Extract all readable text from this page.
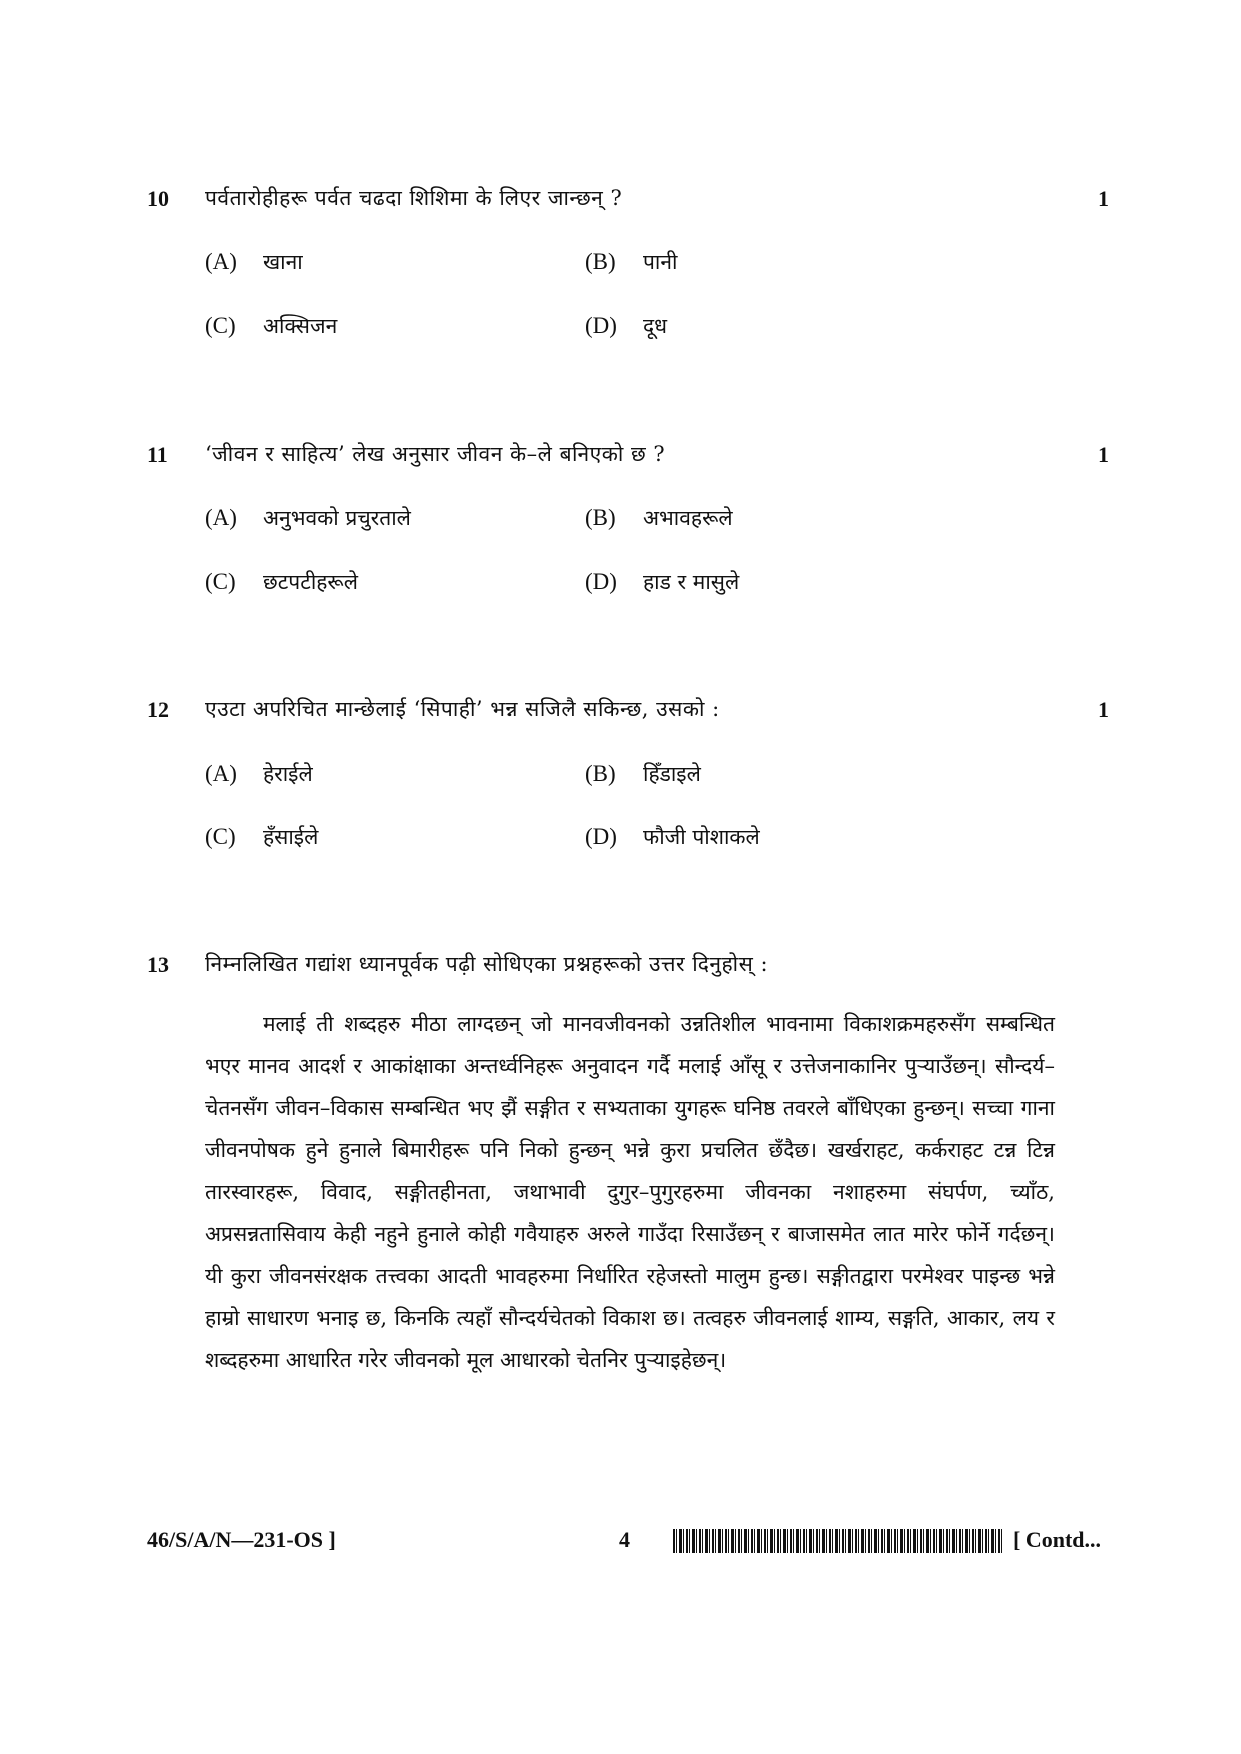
10 पर्वतारोहीहरू पर्वत चढदा शिशिमा के लिएर जान्छन् ?	1
(A) खाना	(B) पानी
(C) अक्सिजन	(D) दूध
11 ‘जीवन र साहित्य’ लेख अनुसार जीवन के–ले बनिएको छ ?	1
(A) अनुभवको प्रचुरताले	(B) अभावहरूले
(C) छटपटीहरूले	(D) हाड र मासुले
12 एउटा अपरिचित मान्छेलाई ‘सिपाही’ भन्न सजिलै सकिन्छ, उसको :	1
(A) हेराईले	(B) हिँडाइले
(C) हँसाईले	(D) फौजी पोशाकले
13 निम्नलिखित गद्यांश ध्यानपूर्वक पढ़ी सोधिएका प्रश्नहरूको उत्तर दिनुहोस् :
मलाई ती शब्दहरु मीठा लाग्दछन् जो मानवजीवनको उन्नतिशील भावनामा विकाशक्रमहरुसँग सम्बन्धित भएर मानव आदर्श र आकांक्षाका अन्तर्ध्वनिहरू अनुवादन गर्दै मलाई आँसू र उत्तेजनाकानिर पुऱ्याउँछन्। सौन्दर्य–चेतनसँग जीवन–विकास सम्बन्धित भए झैं सङ्गीत र सभ्यताका युगहरू घनिष्ठ तवरले बाँधिएका हुन्छन्। सच्चा गाना जीवनपोषक हुने हुनाले बिमारीहरू पनि निको हुन्छन् भन्ने कुरा प्रचलित छँदैछ। खर्खराहट, कर्कराहट टन्न टिन्न तारस्वारहरू, विवाद, सङ्गीतहीनता, जथाभावी दुगुर–पुगुरहरुमा जीवनका नशाहरुमा संघर्पण, च्याँठ, अप्रसन्नतासिवाय केही नहुने हुनाले कोही गवैयाहरु अरुले गाउँदा रिसाउँछन् र बाजासमेत लात मारेर फोर्ने गर्दछन्। यी कुरा जीवनसंरक्षक तत्त्वका आदती भावहरुमा निर्धारित रहेजस्तो मालुम हुन्छ। सङ्गीतद्वारा परमेश्वर पाइन्छ भन्ने हाम्रो साधारण भनाइ छ, किनकि त्यहाँ सौन्दर्यचेतको विकाश छ। तत्वहरु जीवनलाई शाम्य, सङ्गति, आकार, लय र शब्दहरुमा आधारित गरेर जीवनको मूल आधारको चेतनिर पुऱ्याइहेछन्।
46/S/A/N—231-OS ]	4	[ Contd...
